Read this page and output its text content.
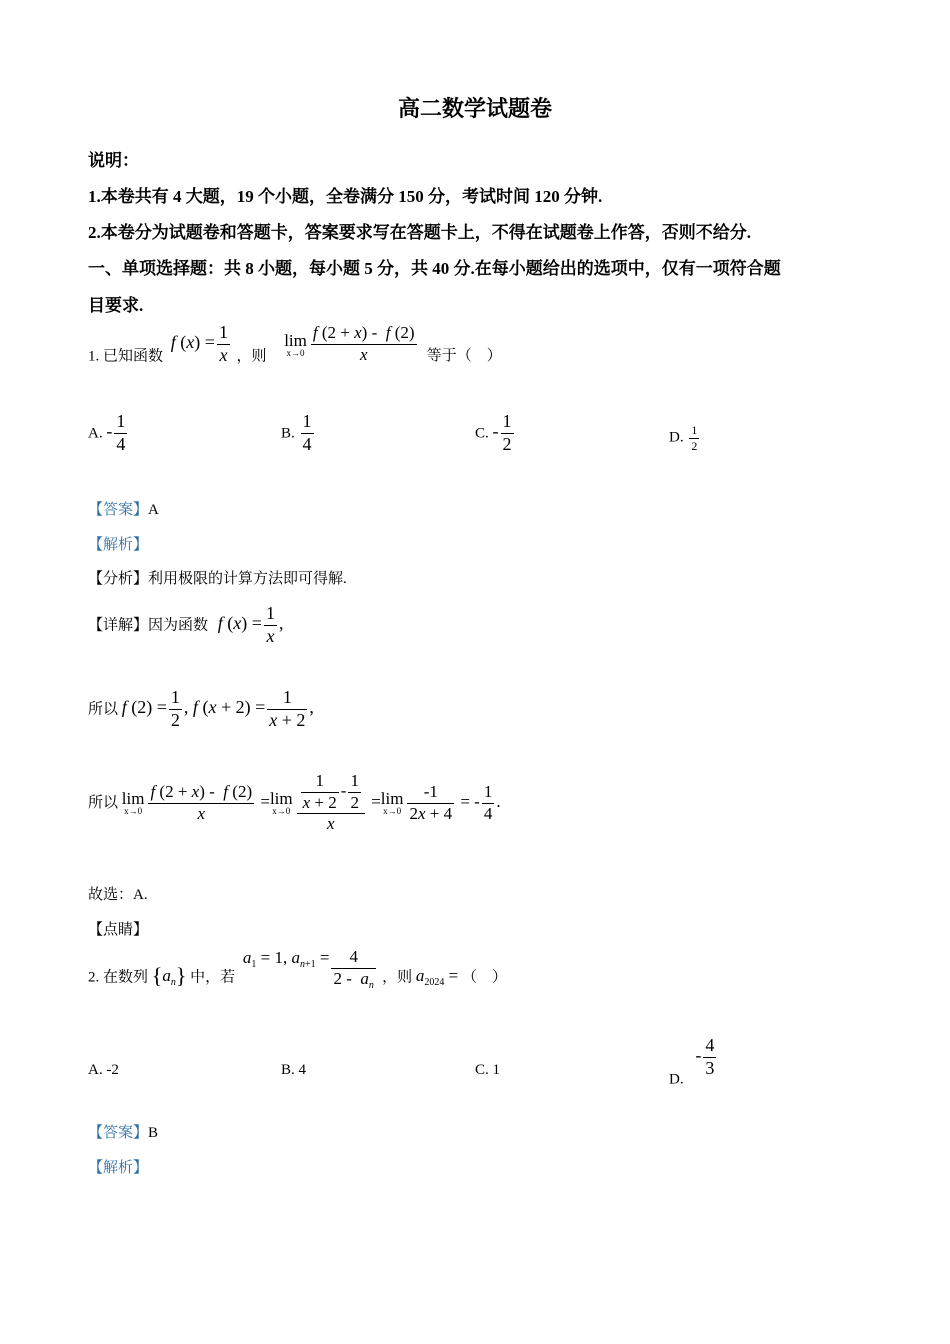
高二数学试题卷
说明：
1.本卷共有 4 大题，19 个小题，全卷满分 150 分，考试时间 120 分钟.
2.本卷分为试题卷和答题卡，答案要求写在答题卡上，不得在试题卷上作答，否则不给分.
一、单项选择题：共 8 小题，每小题 5 分，共 40 分.在每小题给出的选项中，仅有一项符合题
目要求.
1. 已知函数 f $(x) = \frac{1}{x}$ ，则
lim
$x\to 0 \frac{f (2 + x) - f (2)}{x}$ 等于（　）
A. - $\frac{1}{4}$	B. $\frac{1}{4}$	C. - $\frac{1}{2}$	D. $\frac{1}{2}$
【答案】A
【解析】
【分析】利用极限的计算方法即可得解.
【详解】因为函数 f $(x) = \frac{1}{x}$ ,
所以 f $(2) = \frac{1}{2}$ , f $(x + 2) = \frac{1}{x + 2}$ ,
所以 lim
$x\to 0 \frac{f (2 + x) - f (2)}{x} = \lim$
$x\to 0 \frac{\frac{1}{x + 2} - \frac{1}{2}}{x} = \lim$
$x\to 0 \frac{-1}{2x + 4}$ = - $\frac{1}{4}$ .
故选：A.
【点睛】
2. 在数列 $\{a_n\}$ 中，若 $a_1 = 1$, $a_{n+1} = \frac{4}{2 - a_n}$ ，则 $a_{2024}$ = （　）
A. -2	B. 4	C. 1
D. - $\frac{4}{3}$
【答案】B
【解析】
